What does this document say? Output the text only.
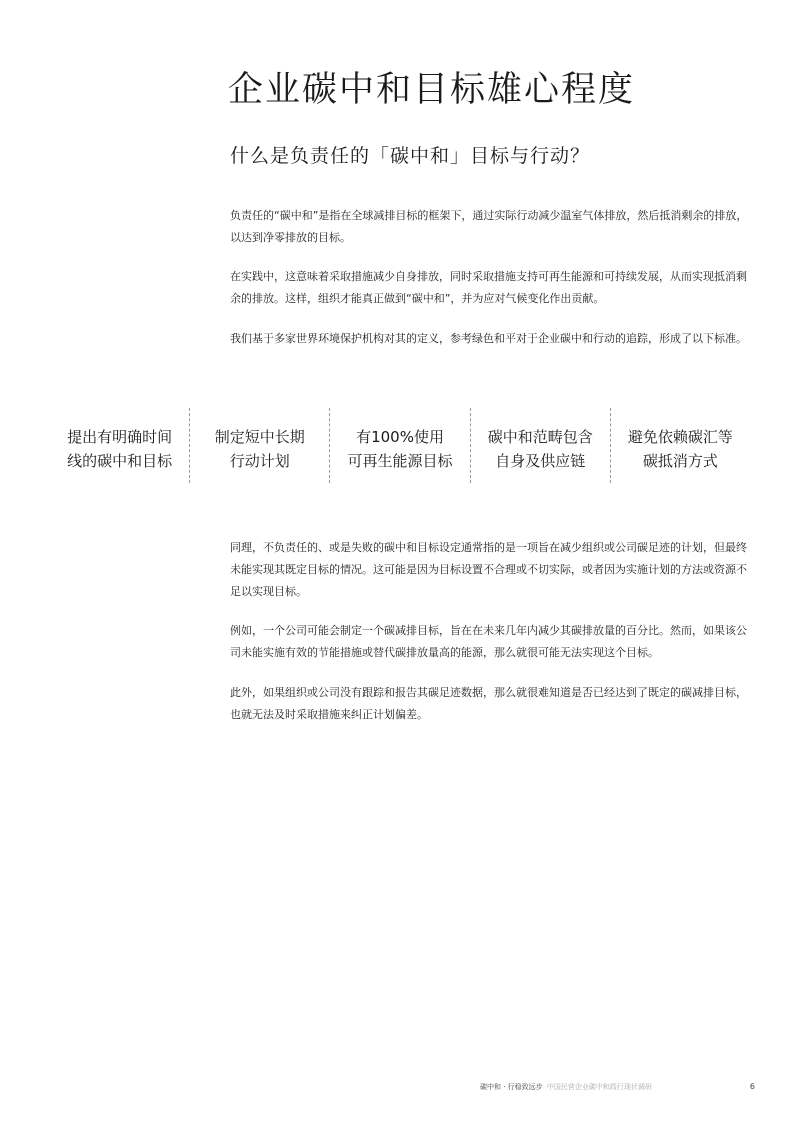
企业碳中和目标雄心程度
什么是负责任的「碳中和」目标与行动？

负责任的“碳中和”是指在全球减排目标的框架下，通过实际行动减少温室气体排放，然后抵消剩余的排放，以达到净零排放的目标。

在实践中，这意味着采取措施减少自身排放，同时采取措施支持可再生能源和可持续发展，从而实现抵消剩余的排放。这样，组织才能真正做到“碳中和”，并为应对气候变化作出贡献。

我们基于多家世界环境保护机构对其的定义，参考绿色和平对于企业碳中和行动的追踪，形成了以下标准。

提出有明确时间
线的碳中和目标
制定短中长期
行动计划
有100%使用
可再生能源目标
碳中和范畴包含
自身及供应链
避免依赖碳汇等
碳抵消方式

同理，不负责任的、或是失败的碳中和目标设定通常指的是一项旨在减少组织或公司碳足迹的计划，但最终未能实现其既定目标的情况。这可能是因为目标设置不合理或不切实际，或者因为实施计划的方法或资源不足以实现目标。

例如，一个公司可能会制定一个碳减排目标，旨在在未来几年内减少其碳排放量的百分比。然而，如果该公司未能实施有效的节能措施或替代碳排放量高的能源，那么就很可能无法实现这个目标。

此外，如果组织或公司没有跟踪和报告其碳足迹数据，那么就很难知道是否已经达到了既定的碳减排目标，也就无法及时采取措施来纠正计划偏差。

碳中和 · 行稳致远步 中国民营企业碳中和践行现状调研	6
